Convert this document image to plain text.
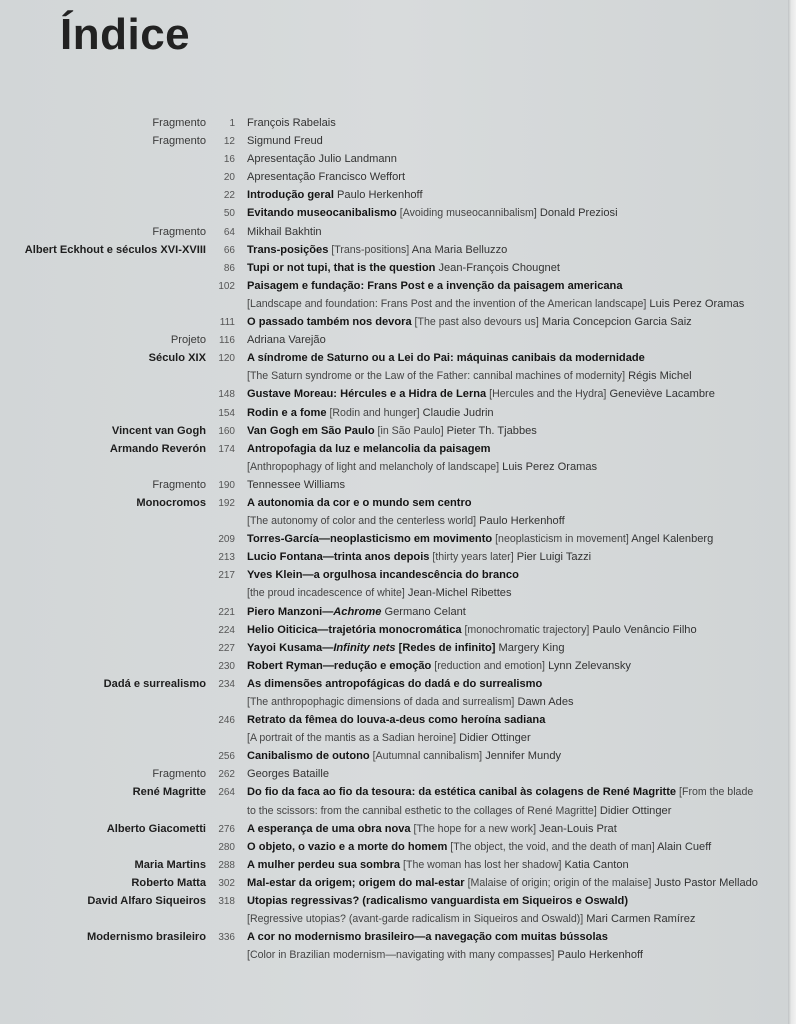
Índice
Fragmento	1 François Rabelais
Fragmento	12 Sigmund Freud
16 Apresentação Julio Landmann
20 Apresentação Francisco Weffort
22 Introdução geral Paulo Herkenhoff
50 Evitando museocanibalismo [Avoiding museocannibalism] Donald Preziosi
Fragmento	64 Mikhail Bakhtin
Albert Eckhout e séculos XVI-XVIII	66 Trans-posições [Trans-positions] Ana Maria Belluzzo
86 Tupi or not tupi, that is the question Jean-François Chougnet
102 Paisagem e fundação: Frans Post e a invenção da paisagem americana
[Landscape and foundation: Frans Post and the invention of the American landscape] Luis Perez Oramas
111 O passado também nos devora [The past also devours us] Maria Concepcion Garcia Saiz
Projeto	116 Adriana Varejão
Século XIX	120 A síndrome de Saturno ou a Lei do Pai: máquinas canibais da modernidade
[The Saturn syndrome or the Law of the Father: cannibal machines of modernity] Régis Michel
148 Gustave Moreau: Hércules e a Hidra de Lerna [Hercules and the Hydra] Geneviève Lacambre
154 Rodin e a fome [Rodin and hunger] Claudie Judrin
Vincent van Gogh	160 Van Gogh em São Paulo [in São Paulo] Pieter Th. Tjabbes
Armando Reverón	174 Antropofagia da luz e melancolia da paisagem
[Anthropophagy of light and melancholy of landscape] Luis Perez Oramas
Fragmento	190 Tennessee Williams
Monocromos	192 A autonomia da cor e o mundo sem centro
[The autonomy of color and the centerless world] Paulo Herkenhoff
209 Torres-García—neoplasticismo em movimento [neoplasticism in movement] Angel Kalenberg
213 Lucio Fontana—trinta anos depois [thirty years later] Pier Luigi Tazzi
217 Yves Klein—a orgulhosa incandescência do branco
[the proud incadescence of white] Jean-Michel Ribettes
221 Piero Manzoni—Achrome Germano Celant
224 Helio Oiticica—trajetória monocromática [monochromatic trajectory] Paulo Venâncio Filho
227 Yayoi Kusama—Infinity nets [Redes de infinito] Margery King
230 Robert Ryman—redução e emoção [reduction and emotion] Lynn Zelevansky
Dadá e surrealismo	234 As dimensões antropofágicas do dadá e do surrealismo
[The anthropophagic dimensions of dada and surrealism] Dawn Ades
246 Retrato da fêmea do louva-a-deus como heroína sadiana
[A portrait of the mantis as a Sadian heroine] Didier Ottinger
256 Canibalismo de outono [Autumnal cannibalism] Jennifer Mundy
Fragmento	262 Georges Bataille
René Magritte	264 Do fio da faca ao fio da tesoura: da estética canibal às colagens de René Magritte [From the blade
to the scissors: from the cannibal esthetic to the collages of René Magritte] Didier Ottinger
Alberto Giacometti	276 A esperança de uma obra nova [The hope for a new work] Jean-Louis Prat
280 O objeto, o vazio e a morte do homem [The object, the void, and the death of man] Alain Cueff
Maria Martins	288 A mulher perdeu sua sombra [The woman has lost her shadow] Katia Canton
Roberto Matta	302 Mal-estar da origem; origem do mal-estar [Malaise of origin; origin of the malaise] Justo Pastor Mellado
David Alfaro Siqueiros	318 Utopias regressivas? (radicalismo vanguardista em Siqueiros e Oswald)
[Regressive utopias? (avant-garde radicalism in Siqueiros and Oswald)] Mari Carmen Ramírez
Modernismo brasileiro	336 A cor no modernismo brasileiro—a navegação com muitas bússolas
[Color in Brazilian modernism—navigating with many compasses] Paulo Herkenhoff
